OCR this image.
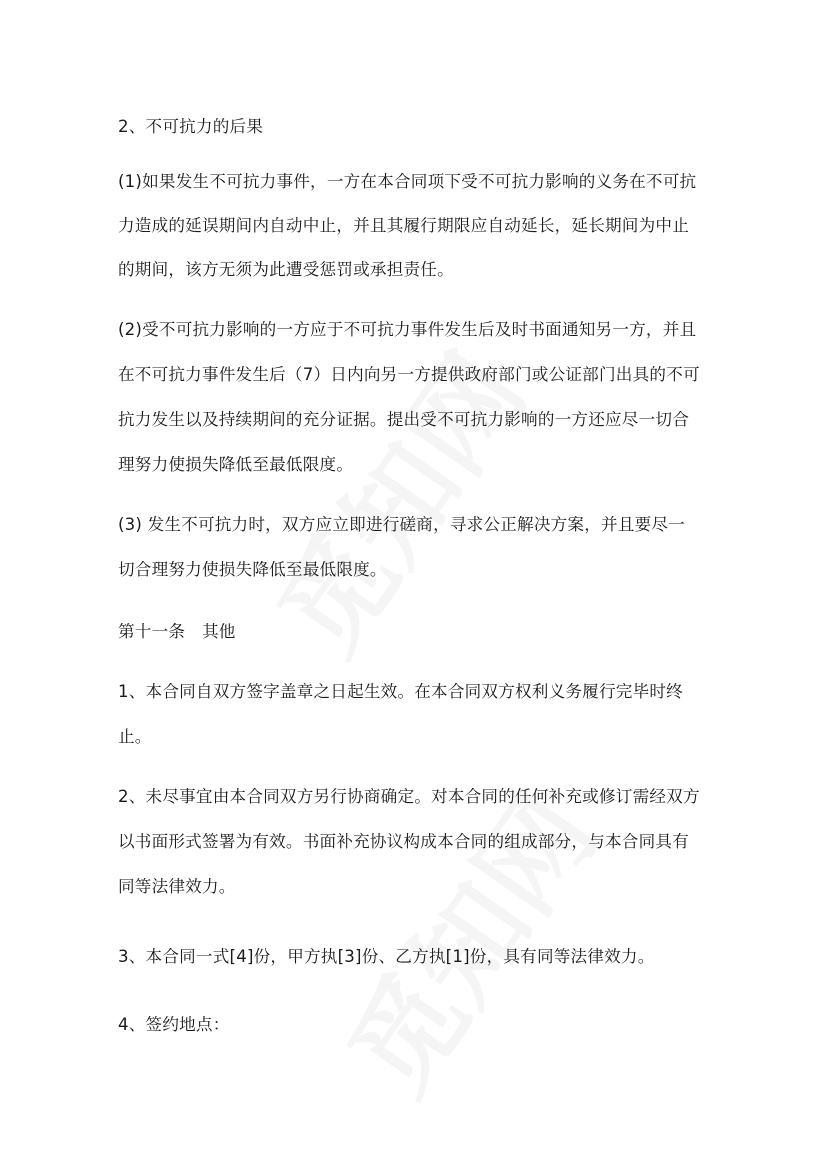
2、不可抗力的后果
(1)如果发生不可抗力事件，一方在本合同项下受不可抗力影响的义务在不可抗
力造成的延误期间内自动中止，并且其履行期限应自动延长，延长期间为中止
的期间，该方无须为此遭受惩罚或承担责任。
(2)受不可抗力影响的一方应于不可抗力事件发生后及时书面通知另一方，并且
在不可抗力事件发生后（7）日内向另一方提供政府部门或公证部门出具的不可
抗力发生以及持续期间的充分证据。提出受不可抗力影响的一方还应尽一切合
理努力使损失降低至最低限度。
(3) 发生不可抗力时，双方应立即进行磋商，寻求公正解决方案，并且要尽一
切合理努力使损失降低至最低限度。
第十一条　其他
1、本合同自双方签字盖章之日起生效。在本合同双方权利义务履行完毕时终
止。
2、未尽事宜由本合同双方另行协商确定。对本合同的任何补充或修订需经双方
以书面形式签署为有效。书面补充协议构成本合同的组成部分，与本合同具有
同等法律效力。
3、本合同一式[4]份，甲方执[3]份、乙方执[1]份，具有同等法律效力。
4、签约地点：
